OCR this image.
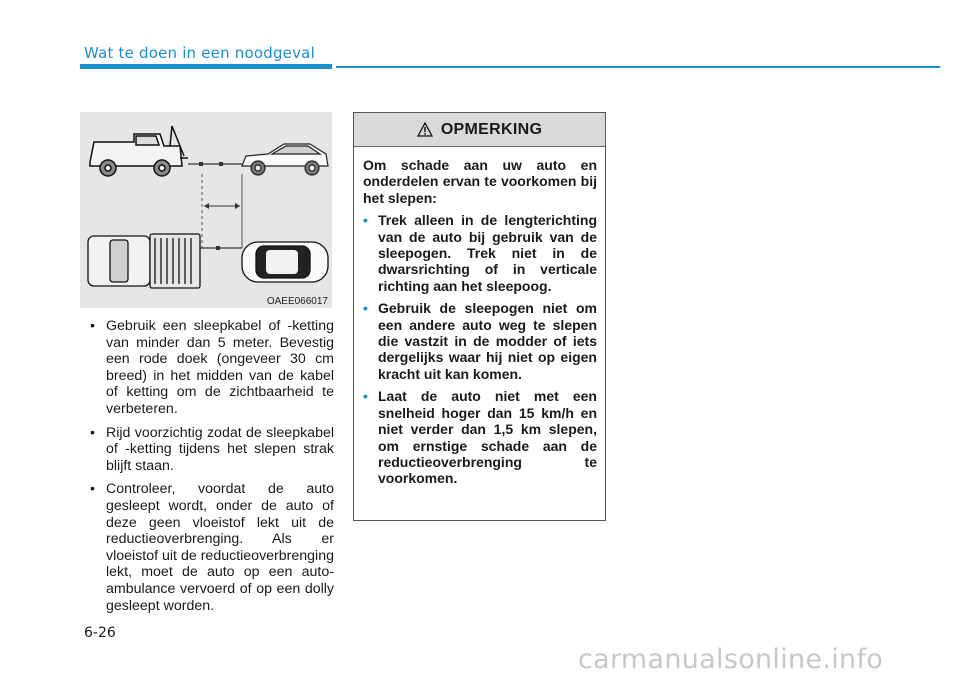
Wat te doen in een noodgeval
OAEE066017
• Gebruik een sleepkabel of -ketting van minder dan 5 meter. Bevestig een rode doek (ongeveer 30 cm breed) in het midden van de kabel of ketting om de zichtbaarheid te verbeteren.
• Rijd voorzichtig zodat de sleepkabel of -ketting tijdens het slepen strak blijft staan.
• Controleer, voordat de auto gesleept wordt, onder de auto of deze geen vloeistof lekt uit de reductieoverbrenging. Als er vloeistof uit de reductieoverbrenging lekt, moet de auto op een auto-ambulance vervoerd of op een dolly gesleept worden.
OPMERKING

Om schade aan uw auto en onderdelen ervan te voorkomen bij het slepen:

• Trek alleen in de lengterichting van de auto bij gebruik van de sleepogen. Trek niet in de dwarsrichting of in verticale richting aan het sleepoog.
• Gebruik de sleepogen niet om een andere auto weg te slepen die vastzit in de modder of iets dergelijks waar hij niet op eigen kracht uit kan komen.
• Laat de auto niet met een snelheid hoger dan 15 km/h en niet verder dan 1,5 km slepen, om ernstige schade aan de reductieoverbrenging te voorkomen.
6-26
carmanualsonline.info
